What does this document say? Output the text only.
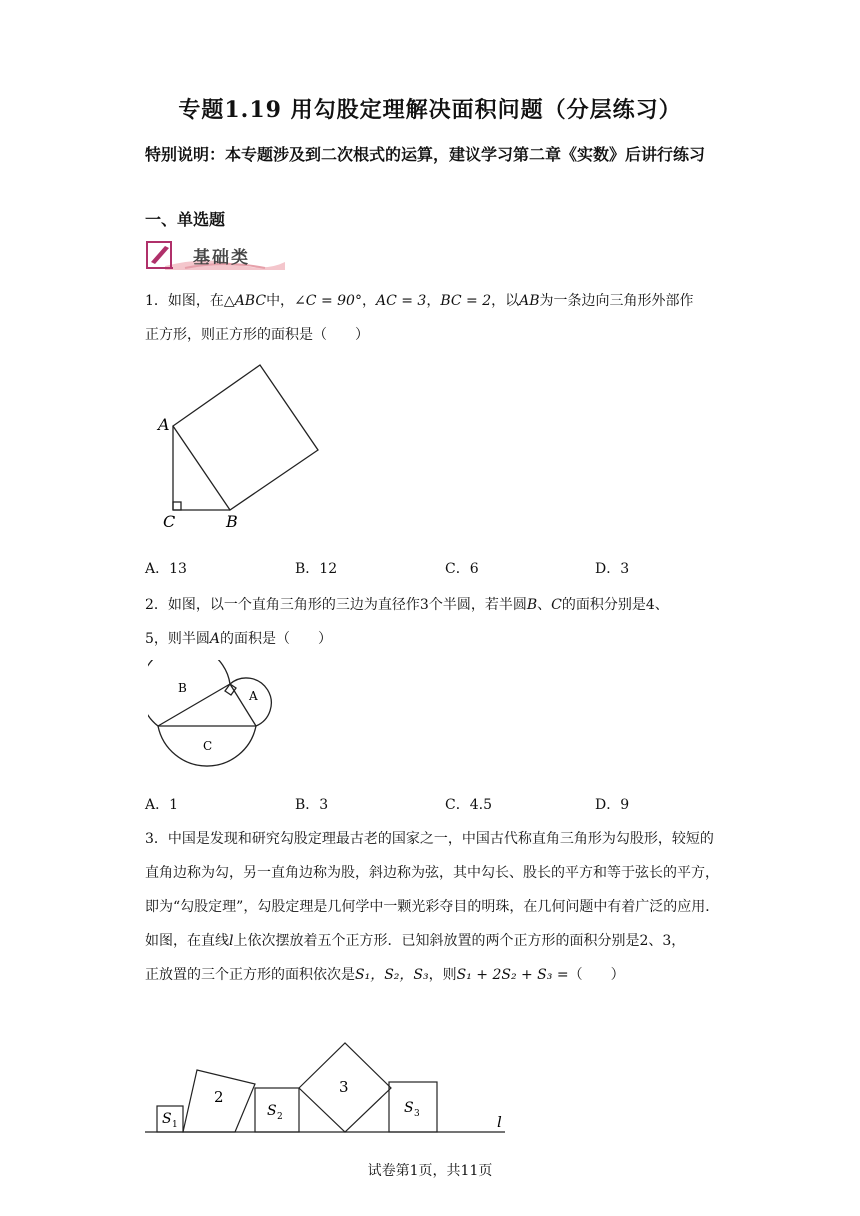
专题1.19 用勾股定理解决面积问题（分层练习）
特别说明：本专题涉及到二次根式的运算，建议学习第二章《实数》后讲行练习
一、单选题
基础类
1．如图，在△ABC中，∠C = 90°，AC = 3，BC = 2，以AB为一条边向三角形外部作
正方形，则正方形的面积是（　　）
A
C	B
A．13	B．12	C．6	D．3
2．如图，以一个直角三角形的三边为直径作3个半圆，若半圆B、C的面积分别是4、
5，则半圆A的面积是（　　）
B
A
C
A．1	B．3	C．4.5	D．9
3．中国是发现和研究勾股定理最古老的国家之一，中国古代称直角三角形为勾股形，较短的直角边称为勾，另一直角边称为股，斜边称为弦，其中勾长、股长的平方和等于弦长的平方，即为“勾股定理”，勾股定理是几何学中一颗光彩夺目的明珠，在几何问题中有着广泛的应用．
如图，在直线l上依次摆放着五个正方形．已知斜放置的两个正方形的面积分别是2、3，
正放置的三个正方形的面积依次是S₁，S₂，S₃，则S₁ + 2S₂ + S₃ =（　　）
2
3
S 1
S 2
S 3	l
试卷第1页，共11页
